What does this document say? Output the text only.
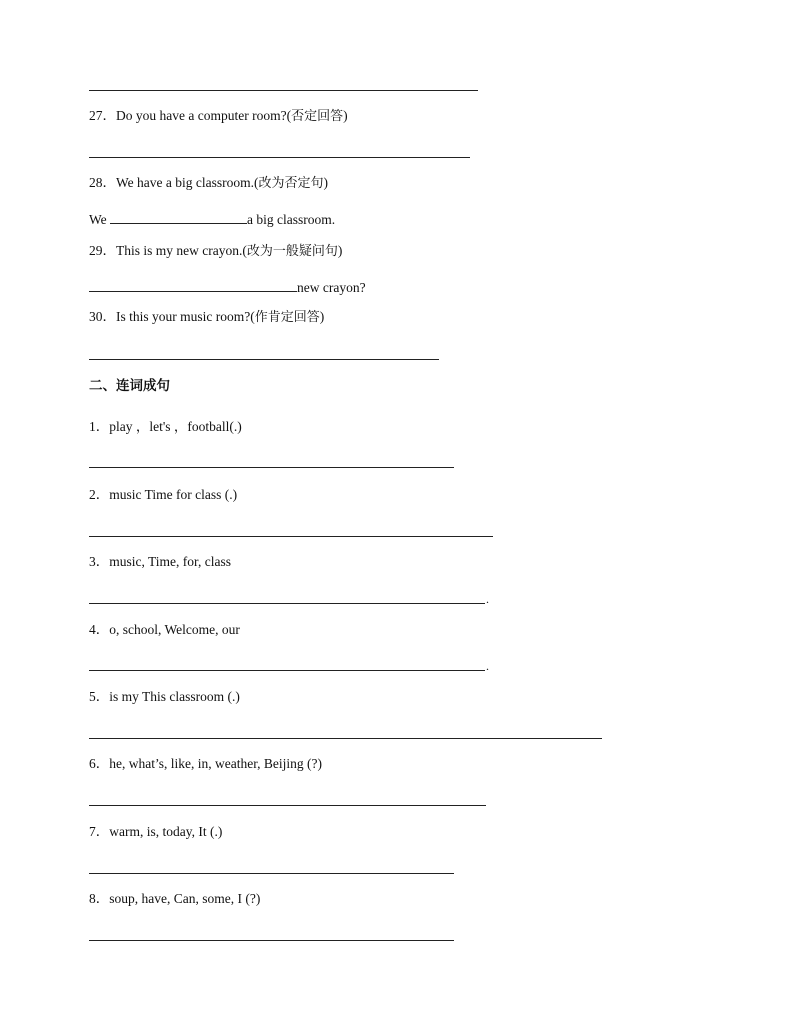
27．Do you have a computer room?(否定回答)
28．We have a big classroom.(改为否定句)
We	a big classroom.
29．This is my new crayon.(改为一般疑问句)
new crayon?
30．Is this your music room?(作肯定回答)
二、连词成句
1．play ，let's ，football(.)
2．music Time for class (.)
3．music, Time, for, class
.
4．o, school, Welcome, our
.
5．is my This classroom (.)
6．he, what’s, like, in, weather, Beijing (?)
7．warm, is, today, It (.)
8．soup, have, Can, some, I (?)
